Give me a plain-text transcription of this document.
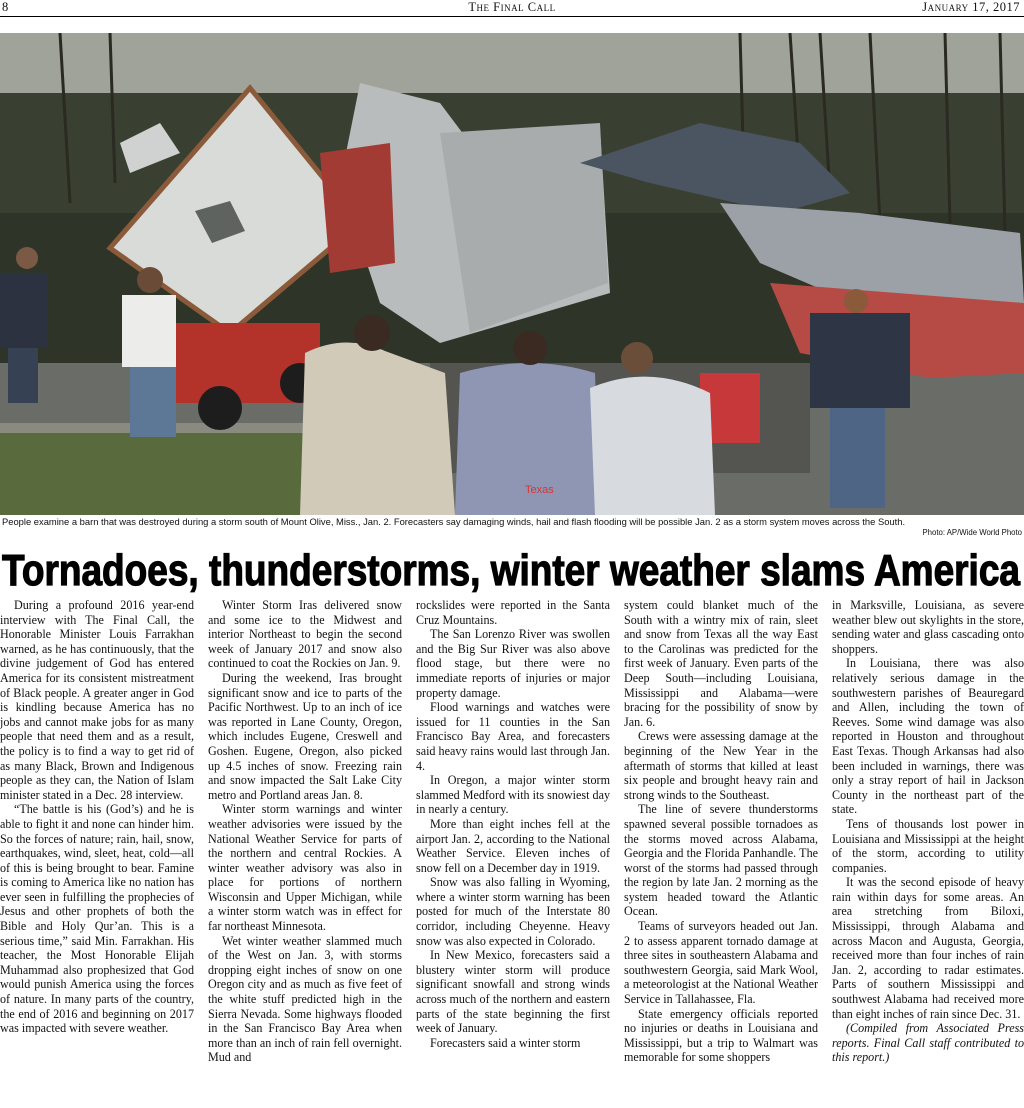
8	The Final Call	January 17, 2017
Texas
People examine a barn that was destroyed during a storm south of Mount Olive, Miss., Jan. 2. Forecasters say damaging winds, hail and flash flooding will be possible Jan. 2 as a storm system moves across the South.
Photo: AP/Wide World Photo
Tornadoes, thunderstorms, winter weather slams America

During a profound 2016 year-end interview with The Final Call, the Honorable Minister Louis Farrakhan warned, as he has continuously, that the divine judgement of God has entered America for its consistent mistreatment of Black people. A greater anger in God is kindling because America has no jobs and cannot make jobs for as many people that need them and as a result, the policy is to find a way to get rid of as many Black, Brown and Indigenous people as they can, the Nation of Islam minister stated in a Dec. 28 interview.

“The battle is his (God’s) and he is able to fight it and none can hinder him. So the forces of nature; rain, hail, snow, earthquakes, wind, sleet, heat, cold—all of this is being brought to bear. Famine is coming to America like no nation has ever seen in fulfilling the prophecies of Jesus and other prophets of both the Bible and Holy Qur’an. This is a serious time,” said Min. Farrakhan. His teacher, the Most Honorable Elijah Muhammad also prophesized that God would punish America using the forces of nature. In many parts of the country, the end of 2016 and beginning on 2017 was impacted with severe weather.

Winter Storm Iras delivered snow and some ice to the Midwest and interior Northeast to begin the second week of January 2017 and snow also continued to coat the Rockies on Jan. 9.

During the weekend, Iras brought significant snow and ice to parts of the Pacific Northwest. Up to an inch of ice was reported in Lane County, Oregon, which includes Eugene, Creswell and Goshen. Eugene, Oregon, also picked up 4.5 inches of snow. Freezing rain and snow impacted the Salt Lake City metro and Portland areas Jan. 8.

Winter storm warnings and winter weather advisories were issued by the National Weather Service for parts of the northern and central Rockies. A winter weather advisory was also in place for portions of northern Wisconsin and Upper Michigan, while a winter storm watch was in effect for far northeast Minnesota.

Wet winter weather slammed much of the West on Jan. 3, with storms dropping eight inches of snow on one Oregon city and as much as five feet of the white stuff predicted high in the Sierra Nevada. Some highways flooded in the San Francisco Bay Area when more than an inch of rain fell overnight. Mud and

rockslides were reported in the Santa Cruz Mountains.

The San Lorenzo River was swollen and the Big Sur River was also above flood stage, but there were no immediate reports of injuries or major property damage.

Flood warnings and watches were issued for 11 counties in the San Francisco Bay Area, and forecasters said heavy rains would last through Jan. 4.

In Oregon, a major winter storm slammed Medford with its snowiest day in nearly a century.

More than eight inches fell at the airport Jan. 2, according to the National Weather Service. Eleven inches of snow fell on a December day in 1919.

Snow was also falling in Wyoming, where a winter storm warning has been posted for much of the Interstate 80 corridor, including Cheyenne. Heavy snow was also expected in Colorado.

In New Mexico, forecasters said a blustery winter storm will produce significant snowfall and strong winds across much of the northern and eastern parts of the state beginning the first week of January.

Forecasters said a winter storm

system could blanket much of the South with a wintry mix of rain, sleet and snow from Texas all the way East to the Carolinas was predicted for the first week of January. Even parts of the Deep South—including Louisiana, Mississippi and Alabama—were bracing for the possibility of snow by Jan. 6.

Crews were assessing damage at the beginning of the New Year in the aftermath of storms that killed at least six people and brought heavy rain and strong winds to the Southeast.

The line of severe thunderstorms spawned several possible tornadoes as the storms moved across Alabama, Georgia and the Florida Panhandle. The worst of the storms had passed through the region by late Jan. 2 morning as the system headed toward the Atlantic Ocean.

Teams of surveyors headed out Jan. 2 to assess apparent tornado damage at three sites in southeastern Alabama and southwestern Georgia, said Mark Wool, a meteorologist at the National Weather Service in Tallahassee, Fla.

State emergency officials reported no injuries or deaths in Louisiana and Mississippi, but a trip to Walmart was memorable for some shoppers

in Marksville, Louisiana, as severe weather blew out skylights in the store, sending water and glass cascading onto shoppers.

In Louisiana, there was also relatively serious damage in the southwestern parishes of Beauregard and Allen, including the town of Reeves. Some wind damage was also reported in Houston and throughout East Texas. Though Arkansas had also been included in warnings, there was only a stray report of hail in Jackson County in the northeast part of the state.

Tens of thousands lost power in Louisiana and Mississippi at the height of the storm, according to utility companies.

It was the second episode of heavy rain within days for some areas. An area stretching from Biloxi, Mississippi, through Alabama and across Macon and Augusta, Georgia, received more than four inches of rain Jan. 2, according to radar estimates. Parts of southern Mississippi and southwest Alabama had received more than eight inches of rain since Dec. 31.

(Compiled from Associated Press reports. Final Call staff contributed to this report.)
